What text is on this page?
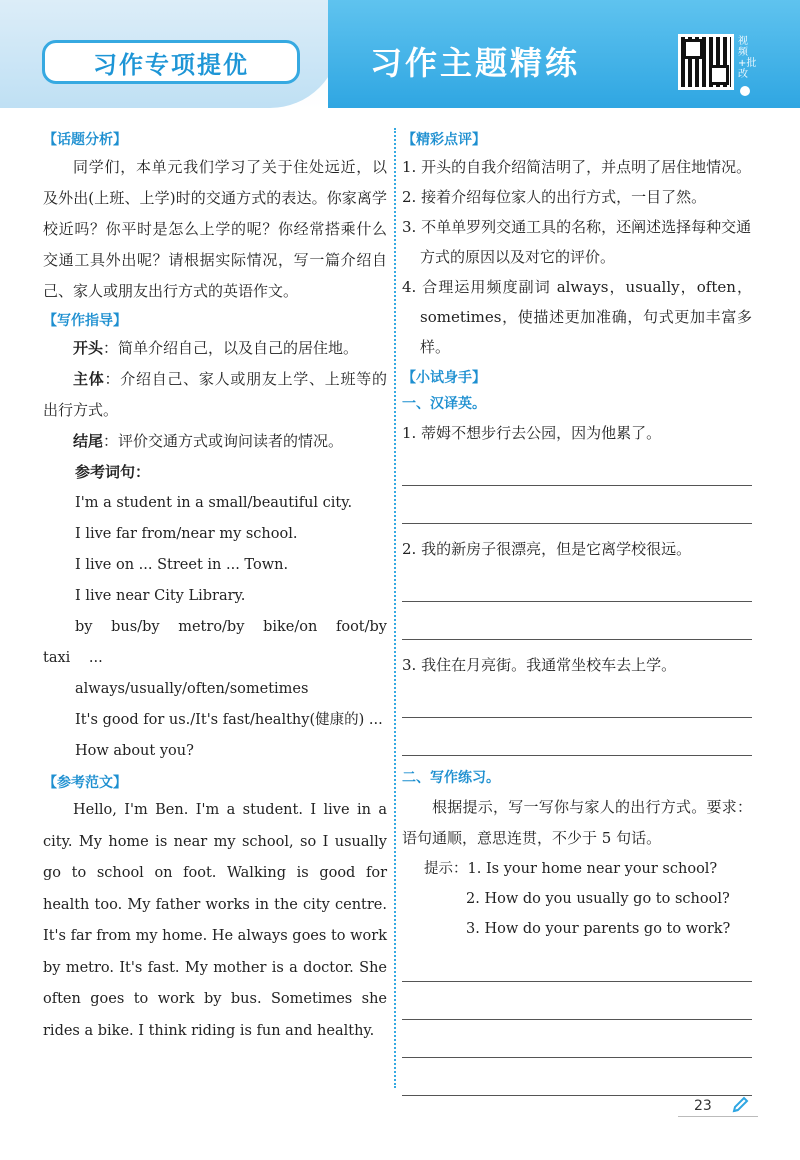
习作专项提优	习作主题精练
视频+批改
【话题分析】

同学们，本单元我们学习了关于住处远近，以及外出(上班、上学)时的交通方式的表达。你家离学校近吗？你平时是怎么上学的呢？你经常搭乘什么交通工具外出呢？请根据实际情况，写一篇介绍自己、家人或朋友出行方式的英语作文。

【写作指导】

开头：简单介绍自己，以及自己的居住地。

主体：介绍自己、家人或朋友上学、上班等的出行方式。

结尾：评价交通方式或询问读者的情况。

参考词句：

I'm a student in a small/beautiful city.

I live far from/near my school.

I live on ... Street in ... Town.

I live near City Library.

by bus/by metro/by bike/on foot/by taxi ...

always/usually/often/sometimes

It's good for us./It's fast/healthy(健康的) ...

How about you?

【参考范文】

Hello, I'm Ben. I'm a student. I live in a city. My home is near my school, so I usually go to school on foot. Walking is good for health too. My father works in the city centre. It's far from my home. He always goes to work by metro. It's fast. My mother is a doctor. She often goes to work by bus. Sometimes she rides a bike. I think riding is fun and healthy.

【精彩点评】

1. 开头的自我介绍简洁明了，并点明了居住地情况。

2. 接着介绍每位家人的出行方式，一目了然。

3. 不单单罗列交通工具的名称，还阐述选择每种交通方式的原因以及对它的评价。

4. 合理运用频度副词 always，usually，often，sometimes，使描述更加准确，句式更加丰富多样。

【小试身手】
一、汉译英。

1. 蒂姆不想步行去公园，因为他累了。

2. 我的新房子很漂亮，但是它离学校很远。

3. 我住在月亮街。我通常坐校车去上学。

二、写作练习。

根据提示，写一写你与家人的出行方式。要求：语句通顺，意思连贯，不少于 5 句话。

提示：1. Is your home near your school?

2. How do you usually go to school?

3. How do your parents go to work?

23
